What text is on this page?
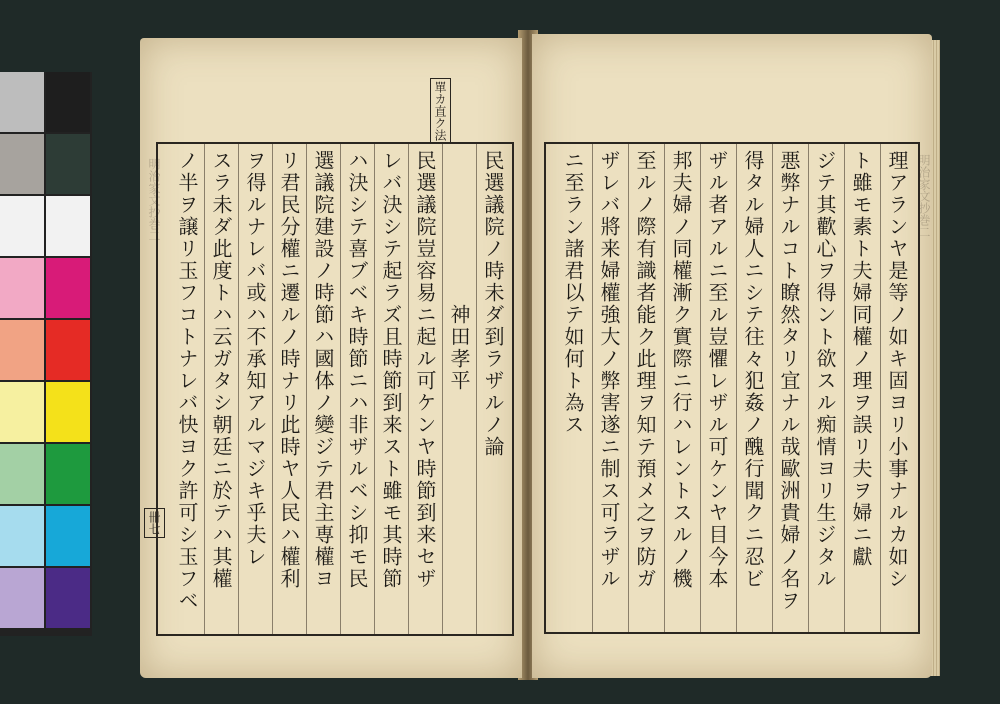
單カ直ク法
明治家文抄巻二	民選議院ノ時未ダ到ラザルノ論
　　　　　　　神田孝平
民選議院豈容易ニ起ル可ケンヤ時節到来セザ
レバ決シテ起ラズ且時節到来スト雖モ其時節
ハ決シテ喜ブベキ時節ニハ非ザルベシ抑モ民
選議院建設ノ時節ハ國体ノ變ジテ君主専權ヨ
リ君民分權ニ遷ルノ時ナリ此時ヤ人民ハ權利
ヲ得ルナレバ或ハ不承知アルマジキ乎夫レ
スラ未ダ此度トハ云ガタシ朝廷ニ於テハ其權
ノ半ヲ譲リ玉フコトナレバ快ヨク許可シ玉フベ
卌七
明治家文抄巻二
理アランヤ是等ノ如キ固ヨリ小事ナルカ如シ
ト雖モ素ト夫婦同權ノ理ヲ誤リ夫ヲ婦ニ獻
ジテ其歡心ヲ得ント欲スル痴情ヨリ生ジタル
悪弊ナルコト瞭然タリ宜ナル哉歐洲貴婦ノ名ヲ
得タル婦人ニシテ往々犯姦ノ醜行聞クニ忍ビ
ザル者アルニ至ル豈懼レザル可ケンヤ目今本
邦夫婦ノ同權漸ク實際ニ行ハレントスルノ機
至ルノ際有識者能ク此理ヲ知テ預メ之ヲ防ガ
ザレバ將来婦權強大ノ弊害遂ニ制ス可ラザル
ニ至ラン諸君以テ如何ト為ス
